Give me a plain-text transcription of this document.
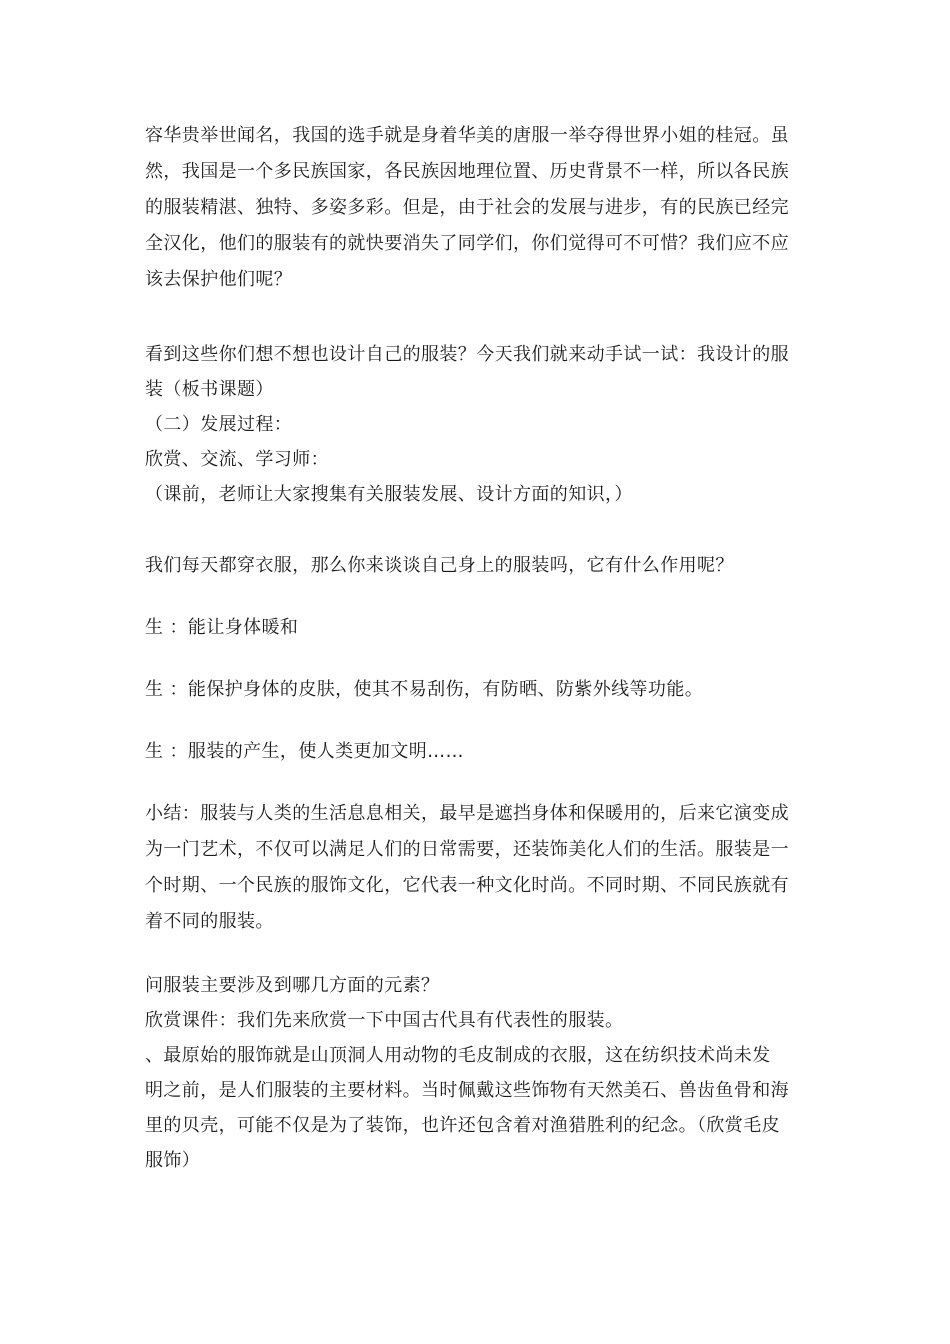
容华贵举世闻名，我国的选手就是身着华美的唐服一举夺得世界小姐的桂冠。虽
然，我国是一个多民族国家，各民族因地理位置、历史背景不一样，所以各民族
的服装精湛、独特、多姿多彩。但是，由于社会的发展与进步，有的民族已经完
全汉化，他们的服装有的就快要消失了同学们，你们觉得可不可惜？我们应不应
该去保护他们呢？
看到这些你们想不想也设计自己的服装？今天我们就来动手试一试：我设计的服
装（板书课题）
（二）发展过程：
欣赏、交流、学习师：
（课前，老师让大家搜集有关服装发展、设计方面的知识，）
我们每天都穿衣服，那么你来谈谈自己身上的服装吗，它有什么作用呢？
生 ：能让身体暖和
生 ：能保护身体的皮肤，使其不易刮伤，有防晒、防紫外线等功能。
生 ：服装的产生，使人类更加文明……
小结：服装与人类的生活息息相关，最早是遮挡身体和保暖用的，后来它演变成
为一门艺术，不仅可以满足人们的日常需要，还装饰美化人们的生活。服装是一
个时期、一个民族的服饰文化，它代表一种文化时尚。不同时期、不同民族就有
着不同的服装。
问服装主要涉及到哪几方面的元素？
欣赏课件：我们先来欣赏一下中国古代具有代表性的服装。
、最原始的服饰就是山顶洞人用动物的毛皮制成的衣服，这在纺织技术尚未发
明之前，是人们服装的主要材料。当时佩戴这些饰物有天然美石、兽齿鱼骨和海
里的贝壳，可能不仅是为了装饰，也许还包含着对渔猎胜利的纪念。（欣赏毛皮
服饰）
